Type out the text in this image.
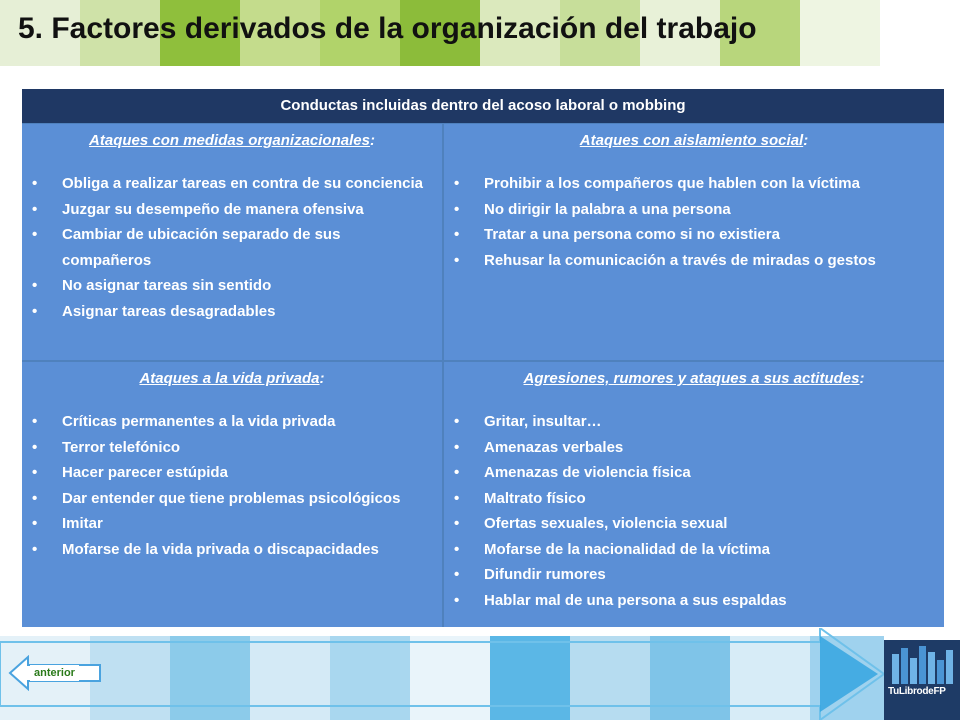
5. Factores derivados de la organización del trabajo
Conductas incluidas dentro del acoso laboral o mobbing
Ataques con medidas organizacionales:
• Obliga a realizar tareas en contra de su conciencia
• Juzgar su desempeño de manera ofensiva
• Cambiar de ubicación separado de sus compañeros
• No asignar tareas sin sentido
• Asignar tareas desagradables
Ataques con aislamiento social:
• Prohibir a los compañeros que hablen con la víctima
• No dirigir la palabra a una persona
• Tratar a una persona como si no existiera
• Rehusar la comunicación a través de miradas o gestos
Ataques a la vida privada:
• Críticas permanentes a la vida privada
• Terror telefónico
• Hacer parecer estúpida
• Dar entender que tiene problemas psicológicos
• Imitar
• Mofarse de la vida privada o discapacidades
Agresiones, rumores y ataques a sus actitudes:
• Gritar, insultar…
• Amenazas verbales
• Amenazas de violencia física
• Maltrato físico
• Ofertas sexuales, violencia sexual
• Mofarse de la nacionalidad de la víctima
• Difundir rumores
• Hablar mal de una persona a sus espaldas
anterior
TuLibrodeFP
